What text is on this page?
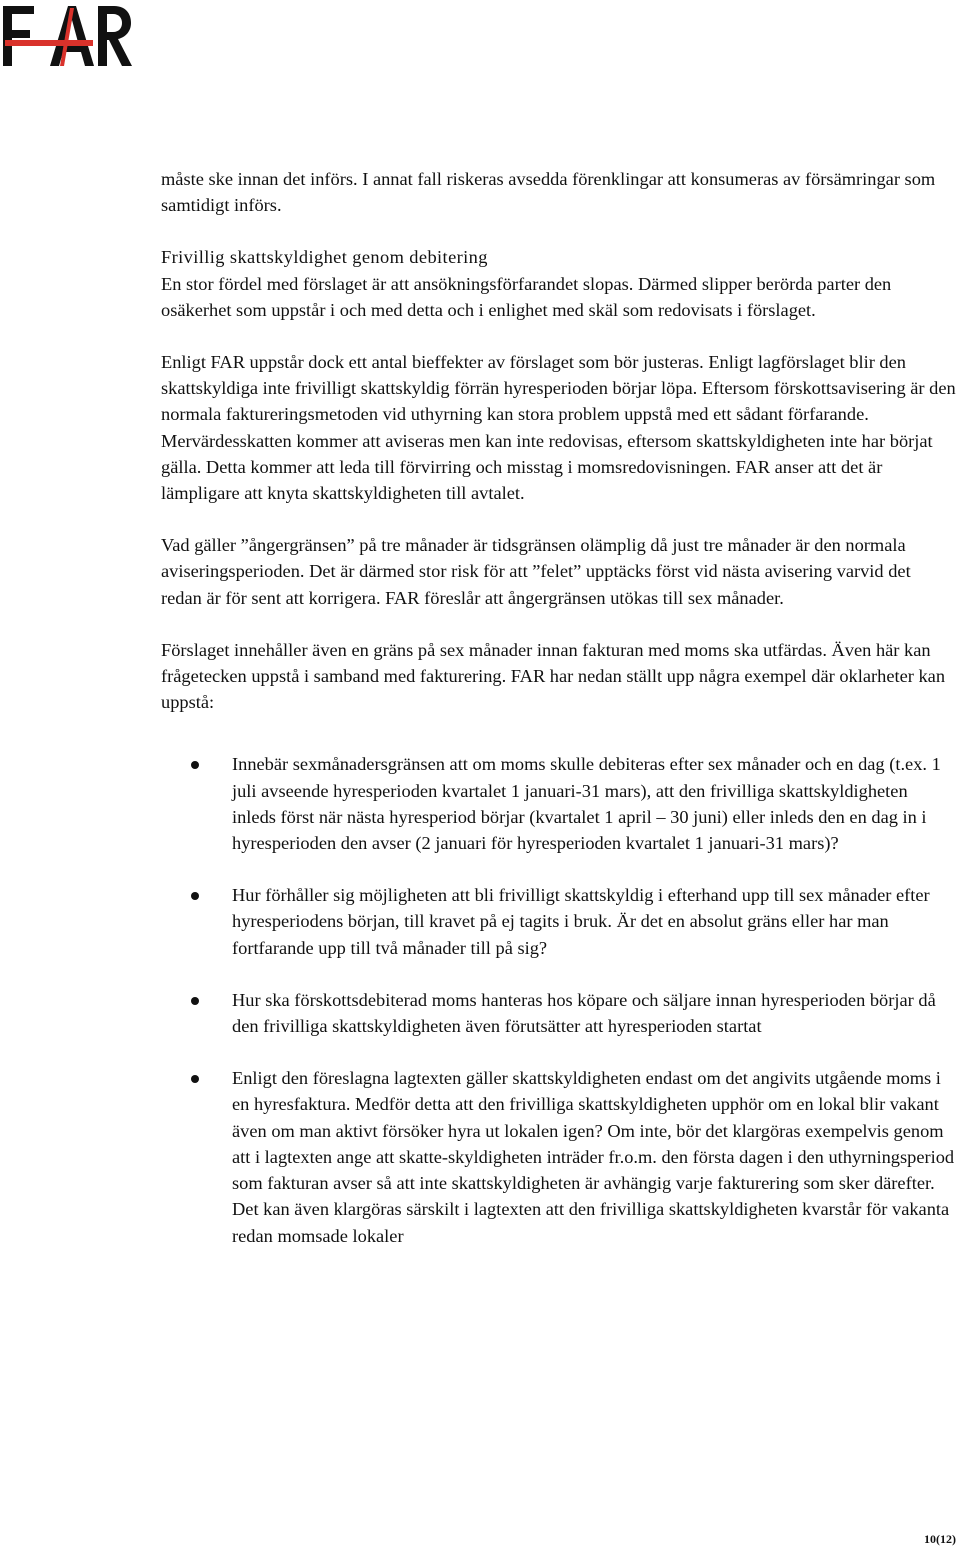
måste ske innan det införs. I annat fall riskeras avsedda förenklingar att konsumeras av försämringar som samtidigt införs.

Frivillig skattskyldighet genom debitering

En stor fördel med förslaget är att ansökningsförfarandet slopas. Därmed slipper berörda parter den osäkerhet som uppstår i och med detta och i enlighet med skäl som redovisats i förslaget.

Enligt FAR uppstår dock ett antal bieffekter av förslaget som bör justeras. Enligt lagförslaget blir den skattskyldiga inte frivilligt skattskyldig förrän hyresperioden börjar löpa. Eftersom förskottsavisering är den normala faktureringsmetoden vid uthyrning kan stora problem uppstå med ett sådant förfarande. Mervärdesskatten kommer att aviseras men kan inte redovisas, eftersom skattskyldigheten inte har börjat gälla. Detta kommer att leda till förvirring och misstag i momsredovisningen. FAR anser att det är lämpligare att knyta skattskyldigheten till avtalet.

Vad gäller ”ångergränsen” på tre månader är tidsgränsen olämplig då just tre månader är den normala aviseringsperioden. Det är därmed stor risk för att ”felet” upptäcks först vid nästa avisering varvid det redan är för sent att korrigera. FAR föreslår att ångergränsen utökas till sex månader.

Förslaget innehåller även en gräns på sex månader innan fakturan med moms ska utfärdas. Även här kan frågetecken uppstå i samband med fakturering. FAR har nedan ställt upp några exempel där oklarheter kan uppstå:

Innebär sexmånadersgränsen att om moms skulle debiteras efter sex månader och en dag (t.ex. 1 juli avseende hyresperioden kvartalet 1 januari-31 mars), att den frivilliga skattskyldigheten inleds först när nästa hyresperiod börjar (kvartalet 1 april – 30 juni) eller inleds den en dag in i hyresperioden den avser (2 januari för hyresperioden kvartalet 1 januari-31 mars)?
Hur förhåller sig möjligheten att bli frivilligt skattskyldig i efterhand upp till sex månader efter hyresperiodens början, till kravet på ej tagits i bruk. Är det en absolut gräns eller har man fortfarande upp till två månader till på sig?
Hur ska förskottsdebiterad moms hanteras hos köpare och säljare innan hyresperioden börjar då den frivilliga skattskyldigheten även förutsätter att hyresperioden startat
Enligt den föreslagna lagtexten gäller skattskyldigheten endast om det angivits utgående moms i en hyresfaktura. Medför detta att den frivilliga skattskyldigheten upphör om en lokal blir vakant även om man aktivt försöker hyra ut lokalen igen? Om inte, bör det klargöras exempelvis genom att i lagtexten ange att skatte-skyldigheten inträder fr.o.m. den första dagen i den uthyrningsperiod som fakturan avser så att inte skattskyldigheten är avhängig varje fakturering som sker därefter. Det kan även klargöras särskilt i lagtexten att den frivilliga skattskyldigheten kvarstår för vakanta redan momsade lokaler
10(12)
